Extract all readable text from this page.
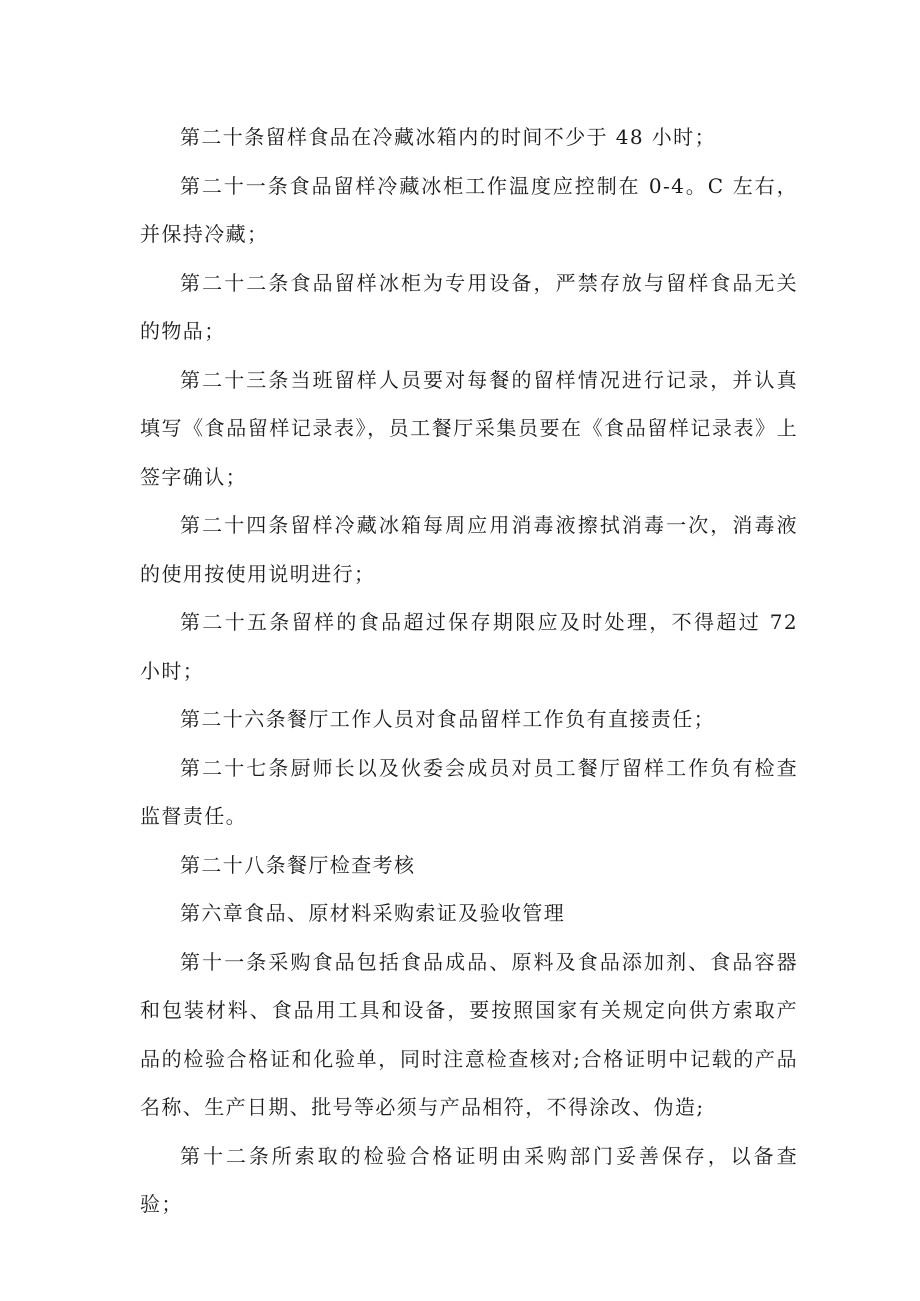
第二十条留样食品在冷藏冰箱内的时间不少于 48 小时；

第二十一条食品留样冷藏冰柜工作温度应控制在 0-4。C 左右，并保持冷藏；

第二十二条食品留样冰柜为专用设备，严禁存放与留样食品无关的物品；

第二十三条当班留样人员要对每餐的留样情况进行记录，并认真填写《食品留样记录表》，员工餐厅采集员要在《食品留样记录表》上签字确认；

第二十四条留样冷藏冰箱每周应用消毒液擦拭消毒一次，消毒液的使用按使用说明进行；

第二十五条留样的食品超过保存期限应及时处理，不得超过 72 小时；

第二十六条餐厅工作人员对食品留样工作负有直接责任；

第二十七条厨师长以及伙委会成员对员工餐厅留样工作负有检查监督责任。

第二十八条餐厅检查考核

第六章食品、原材料采购索证及验收管理

第十一条采购食品包括食品成品、原料及食品添加剂、食品容器和包装材料、食品用工具和设备，要按照国家有关规定向供方索取产品的检验合格证和化验单，同时注意检查核对;合格证明中记载的产品名称、生产日期、批号等必须与产品相符，不得涂改、伪造;

第十二条所索取的检验合格证明由采购部门妥善保存，以备查验；
